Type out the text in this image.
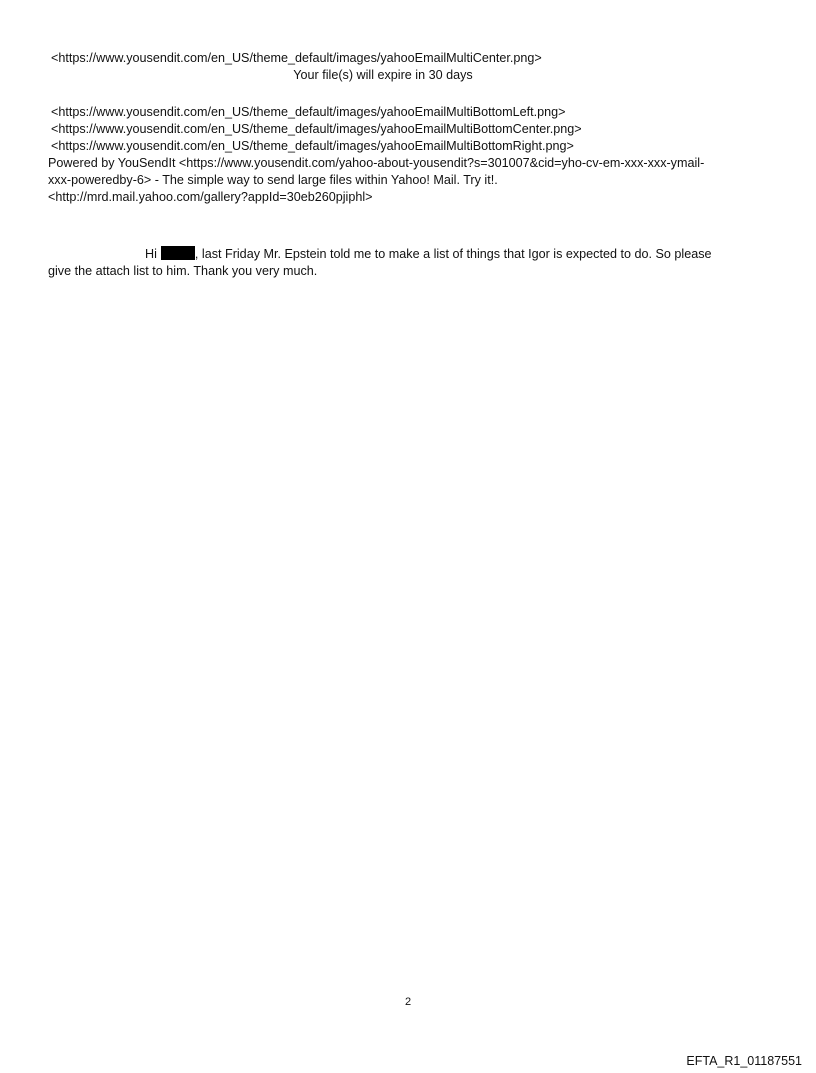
<https://www.yousendit.com/en_US/theme_default/images/yahooEmailMultiCenter.png>
Your file(s) will expire in 30 days
<https://www.yousendit.com/en_US/theme_default/images/yahooEmailMultiBottomLeft.png>
<https://www.yousendit.com/en_US/theme_default/images/yahooEmailMultiBottomCenter.png>
<https://www.yousendit.com/en_US/theme_default/images/yahooEmailMultiBottomRight.png>
Powered by YouSendIt <https://www.yousendit.com/yahoo-about-yousendit?s=301007&cid=yho-cv-em-xxx-xxx-ymail-
xxx-poweredby-6> - The simple way to send large files within Yahoo! Mail. Try it!.
<http://mrd.mail.yahoo.com/gallery?appId=30eb260pjiphl>
Hi	, last Friday Mr. Epstein told me to make a list of things that Igor is expected to do. So please
give the attach list to him. Thank you very much.
2
EFTA_R1_01187551
